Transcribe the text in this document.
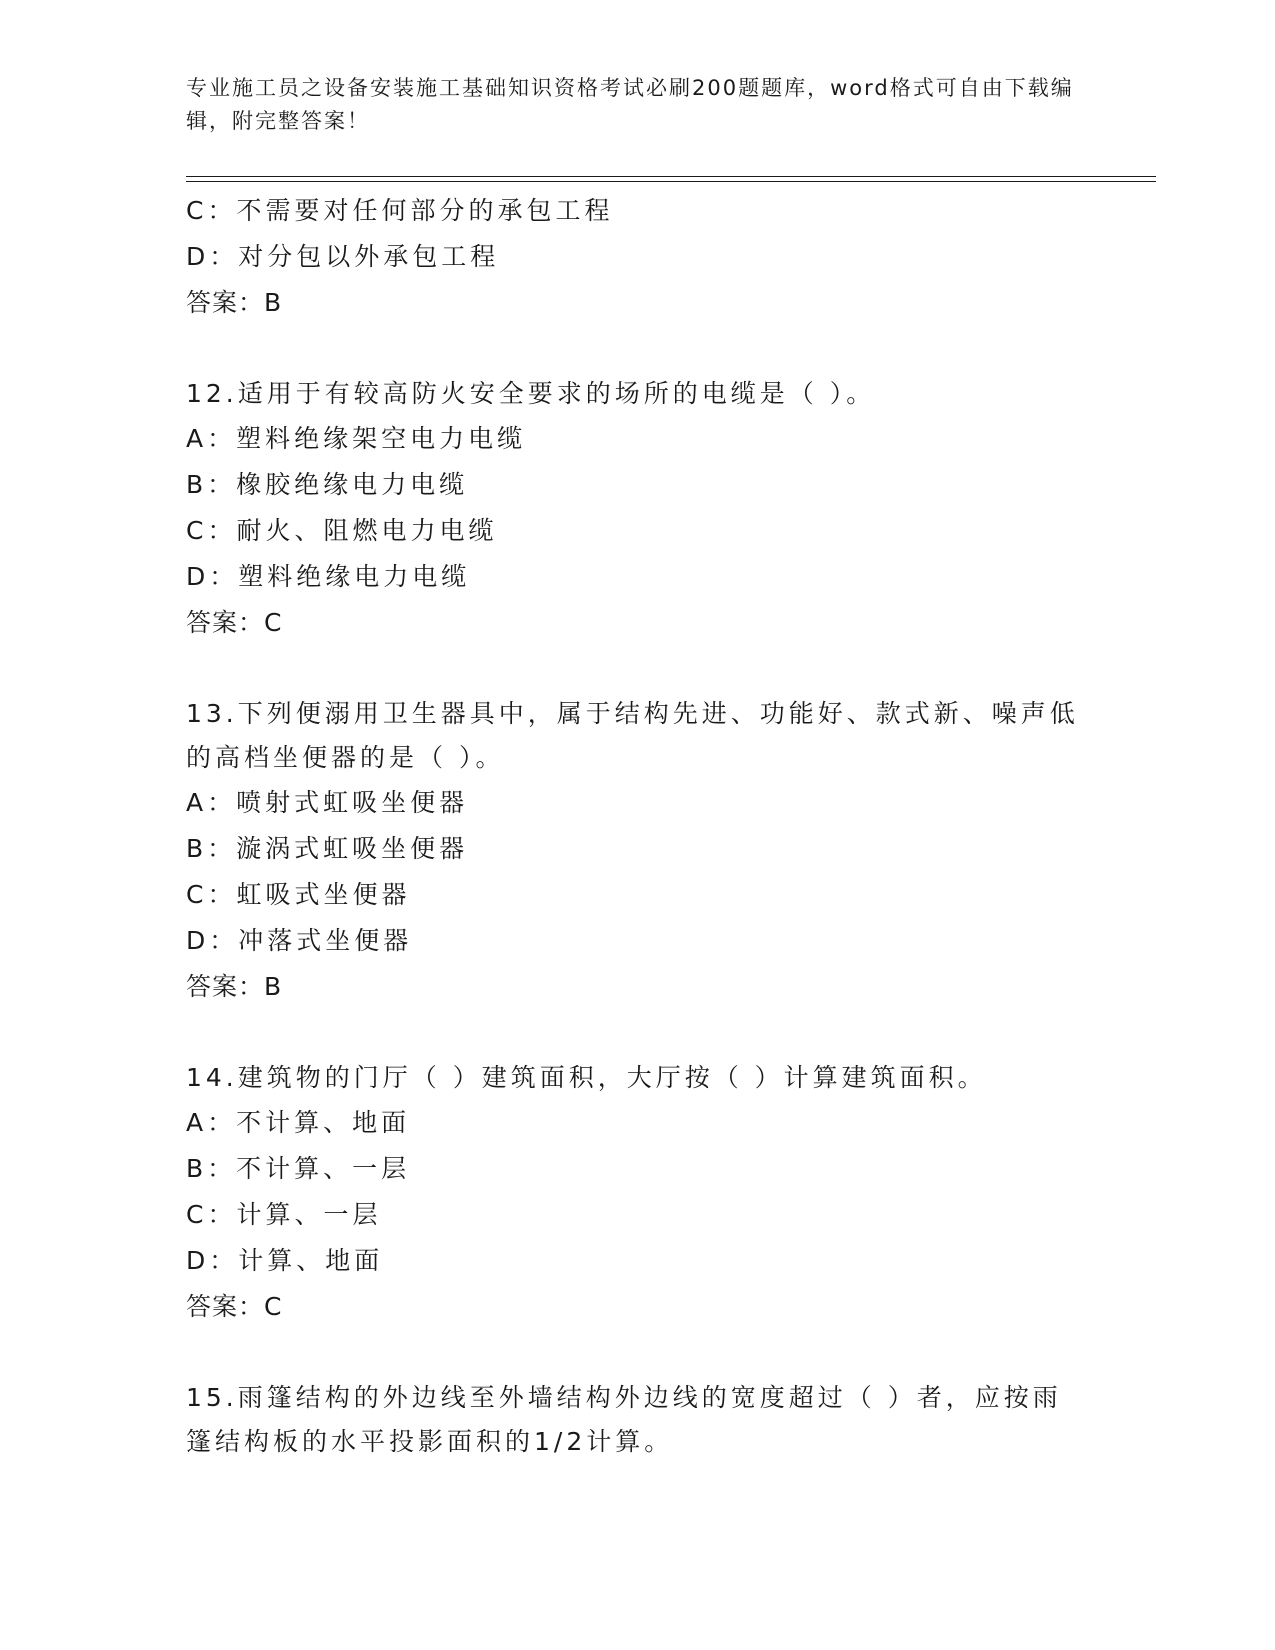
专业施工员之设备安装施工基础知识资格考试必刷200题题库，word格式可自由下载编辑，附完整答案！
C：不需要对任何部分的承包工程
D：对分包以外承包工程
答案：B
12.适用于有较高防火安全要求的场所的电缆是（ ）。
A：塑料绝缘架空电力电缆
B：橡胶绝缘电力电缆
C：耐火、阻燃电力电缆
D：塑料绝缘电力电缆
答案：C
13.下列便溺用卫生器具中，属于结构先进、功能好、款式新、噪声低的高档坐便器的是（ ）。
A：喷射式虹吸坐便器
B：漩涡式虹吸坐便器
C：虹吸式坐便器
D：冲落式坐便器
答案：B
14.建筑物的门厅（ ）建筑面积，大厅按（ ）计算建筑面积。
A：不计算、地面
B：不计算、一层
C：计算、一层
D：计算、地面
答案：C
15.雨篷结构的外边线至外墙结构外边线的宽度超过（ ）者，应按雨篷结构板的水平投影面积的1/2计算。
